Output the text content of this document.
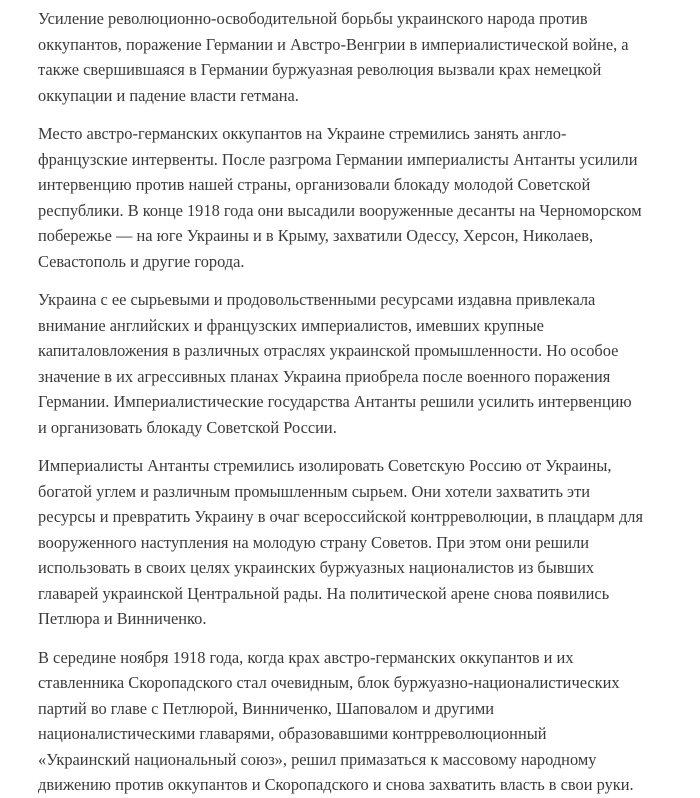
Усиление революционно-освободительной борьбы украинского народа против
оккупантов, поражение Германии и Австро-Венгрии в империалистической войне, а
также свершившаяся в Германии буржуазная революция вызвали крах немецкой
оккупации и падение власти гетмана.

Место австро-германских оккупантов на Украине стремились занять англо-
французские интервенты. После разгрома Германии империалисты Антанты усилили
интервенцию против нашей страны, организовали блокаду молодой Советской
республики. В конце 1918 года они высадили вооруженные десанты на Черноморском
побережье — на юге Украины и в Крыму, захватили Одессу, Херсон, Николаев,
Севастополь и другие города.

Украина с ее сырьевыми и продовольственными ресурсами издавна привлекала
внимание английских и французских империалистов, имевших крупные
капиталовложения в различных отраслях украинской промышленности. Но особое
значение в их агрессивных планах Украина приобрела после военного поражения
Германии. Империалистические государства Антанты решили усилить интервенцию
и организовать блокаду Советской России.

Империалисты Антанты стремились изолировать Советскую Россию от Украины,
богатой углем и различным промышленным сырьем. Они хотели захватить эти
ресурсы и превратить Украину в очаг всероссийской контрреволюции, в плацдарм для
вооруженного наступления на молодую страну Советов. При этом они решили
использовать в своих целях украинских буржуазных националистов из бывших
главарей украинской Центральной рады. На политической арене снова появились
Петлюра и Винниченко.

В середине ноября 1918 года, когда крах австро-германских оккупантов и их
ставленника Скоропадского стал очевидным, блок буржуазно-националистических
партий во главе с Петлюрой, Винниченко, Шаповалом и другими
националистическими главарями, образовавшими контрреволюционный
«Украинский национальный союз», решил примазаться к массовому народному
движению против оккупантов и Скоропадского и снова захватить власть в свои руки.
